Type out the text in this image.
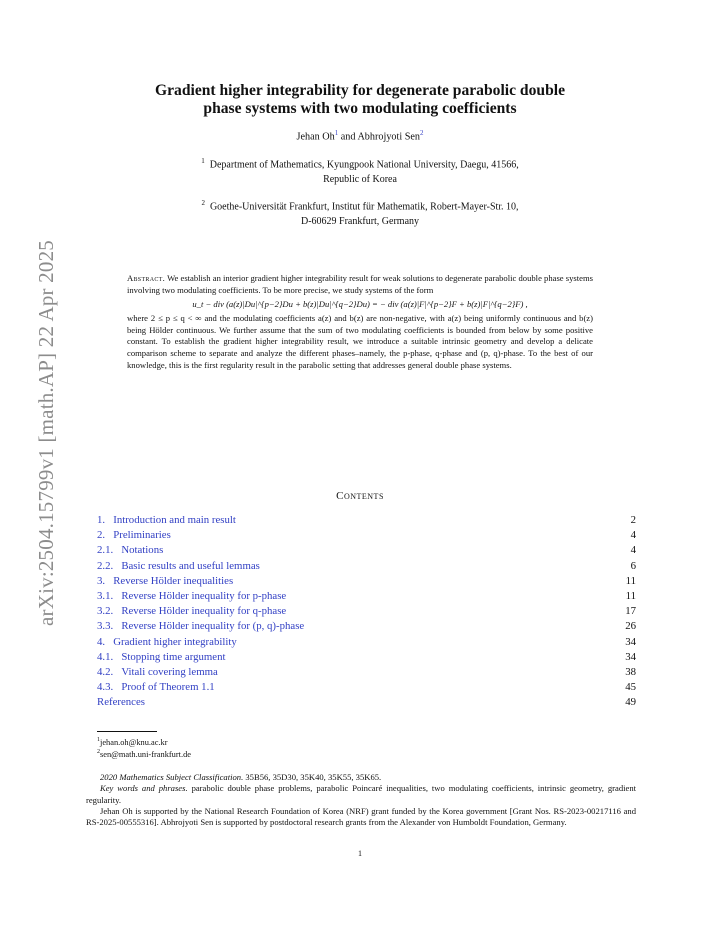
arXiv:2504.15799v1 [math.AP] 22 Apr 2025
Gradient higher integrability for degenerate parabolic double
phase systems with two modulating coefficients
Jehan Oh$^1$ and Abhrojyoti Sen$^2$
$^1$ Department of Mathematics, Kyungpook National University, Daegu, 41566,
Republic of Korea
$^2$ Goethe-Universität Frankfurt, Institut für Mathematik, Robert-Mayer-Str. 10,
D-60629 Frankfurt, Germany
Abstract. We establish an interior gradient higher integrability result for weak solutions to degenerate parabolic double phase systems involving two modulating coefficients. To be more precise, we study systems of the form
u_t − div (a(z)|Du|^{p−2}Du + b(z)|Du|^{q−2}Du) = − div (a(z)|F|^{p−2}F + b(z)|F|^{q−2}F) ,
where 2 ≤ p ≤ q < ∞ and the modulating coefficients a(z) and b(z) are non-negative, with a(z) being uniformly continuous and b(z) being Hölder continuous. We further assume that the sum of two modulating coefficients is bounded from below by some positive constant. To establish the gradient higher integrability result, we introduce a suitable intrinsic geometry and develop a delicate comparison scheme to separate and analyze the different phases–namely, the p-phase, q-phase and (p, q)-phase. To the best of our knowledge, this is the first regularity result in the parabolic setting that addresses general double phase systems.
Contents
1. Introduction and main result	2
2. Preliminaries	4
2.1. Notations	4
2.2. Basic results and useful lemmas	6
3. Reverse Hölder inequalities	11
3.1. Reverse Hölder inequality for p-phase	11
3.2. Reverse Hölder inequality for q-phase	17
3.3. Reverse Hölder inequality for (p, q)-phase	26
4. Gradient higher integrability	34
4.1. Stopping time argument	34
4.2. Vitali covering lemma	38
4.3. Proof of Theorem 1.1	45
References	49
$^1$jehan.oh@knu.ac.kr
$^2$sen@math.uni-frankfurt.de

2020 Mathematics Subject Classification. 35B56, 35D30, 35K40, 35K55, 35K65.

Key words and phrases. parabolic double phase problems, parabolic Poincaré inequalities, two modulating coefficients, intrinsic geometry, gradient regularity.

Jehan Oh is supported by the National Research Foundation of Korea (NRF) grant funded by the Korea government [Grant Nos. RS-2023-00217116 and RS-2025-00555316]. Abhrojyoti Sen is supported by postdoctoral research grants from the Alexander von Humboldt Foundation, Germany.

1
